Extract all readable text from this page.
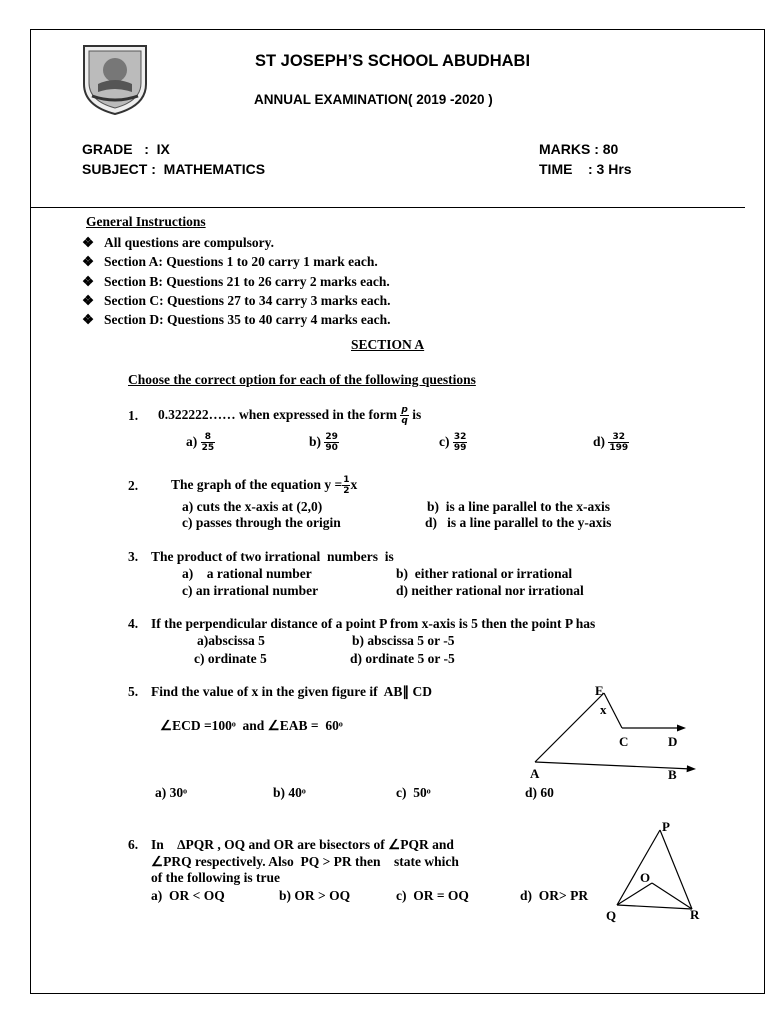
ST JOSEPH’S SCHOOL ABUDHABI
ANNUAL EXAMINATION( 2019 -2020 )
GRADE   :  IX
SUBJECT :  MATHEMATICS
MARKS : 80
TIME    : 3 Hrs
General Instructions
❖ All questions are compulsory.
❖ Section A: Questions 1 to 20 carry 1 mark each.
❖ Section B: Questions 21 to 26 carry 2 marks each.
❖ Section C: Questions 27 to 34 carry 3 marks each.
❖ Section D: Questions 35 to 40 carry 4 marks each.
SECTION A
Choose the correct option for each of the following questions
1. 0.322222…… when expressed in the form $\frac{p}{q}$ is
$a) \frac{8}{25}$	$b) \frac{29}{90}$	$c) \frac{32}{99}$	$d) \frac{32}{199}$
2. The graph of the equation $y = \frac{1}{2}$ x
a) cuts the x-axis at (2,0)	b)  is a line parallel to the x-axis
c) passes through the origin	d)   is a line parallel to the y-axis
3. The product of two irrational  numbers  is
a)    a rational number	b)  either rational or irrational
c) an irrational number	d) neither rational nor irrational
4. If the perpendicular distance of a point P from x-axis is 5 then the point P has
a)abscissa 5	b) abscissa 5 or -5
c) ordinate 5	d) ordinate 5 or -5
5. Find the value of x in the given figure if  AB∥ CD
∠ECD =100ᵒ  and ∠EAB =  60ᵒ
a) 30ᵒ	b) 40ᵒ	c)  50ᵒ	d) 60
E
x
C	D
A	B
6. In    ∆PQR , OQ and OR are bisectors of ∠PQR and
∠PRQ respectively. Also  PQ > PR then    state which
of the following is true
a)  OR < OQ	b) OR > OQ	c)  OR = OQ	d)  OR> PR
P
O
Q	R
